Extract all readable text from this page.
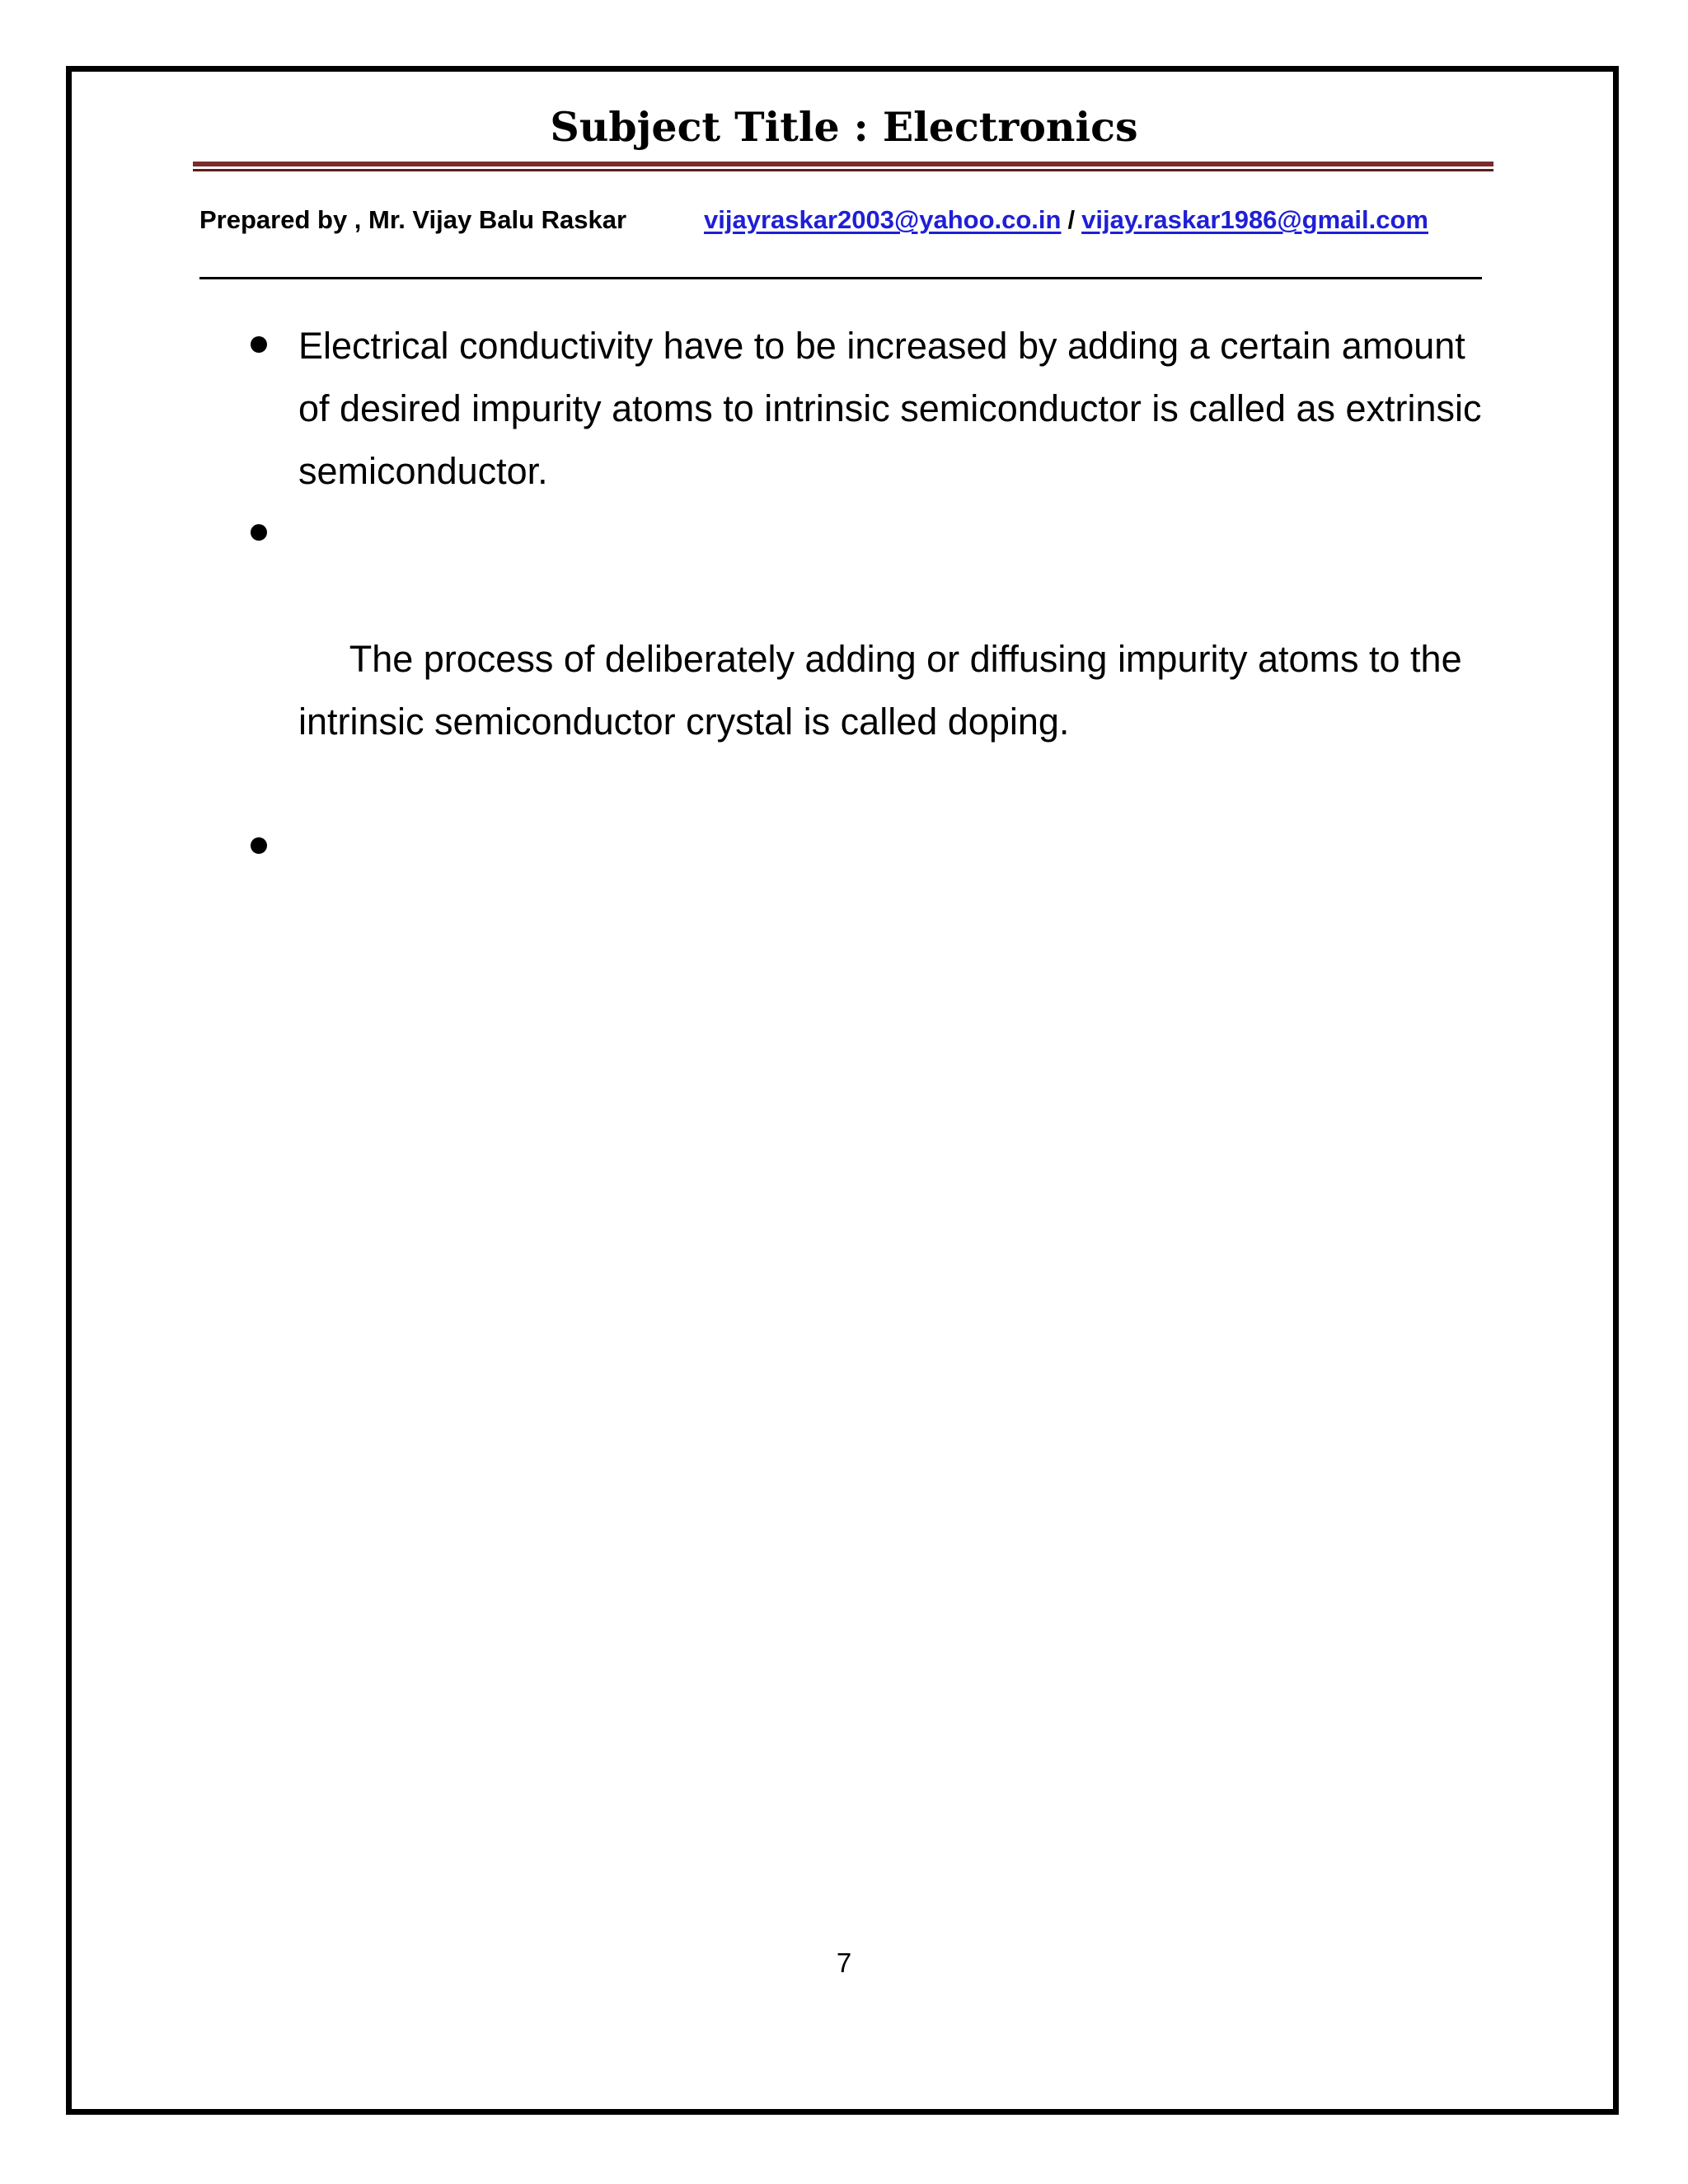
Subject Title : Electronics
Prepared by , Mr. Vijay Balu Raskar	vijayraskar2003@yahoo.co.in / vijay.raskar1986@gmail.com

Electrical conductivity have to be increased by adding a certain amount of desired impurity atoms to intrinsic semiconductor is called as extrinsic semiconductor.

The process of deliberately adding or diffusing impurity atoms to the intrinsic semiconductor crystal is called doping.

7
